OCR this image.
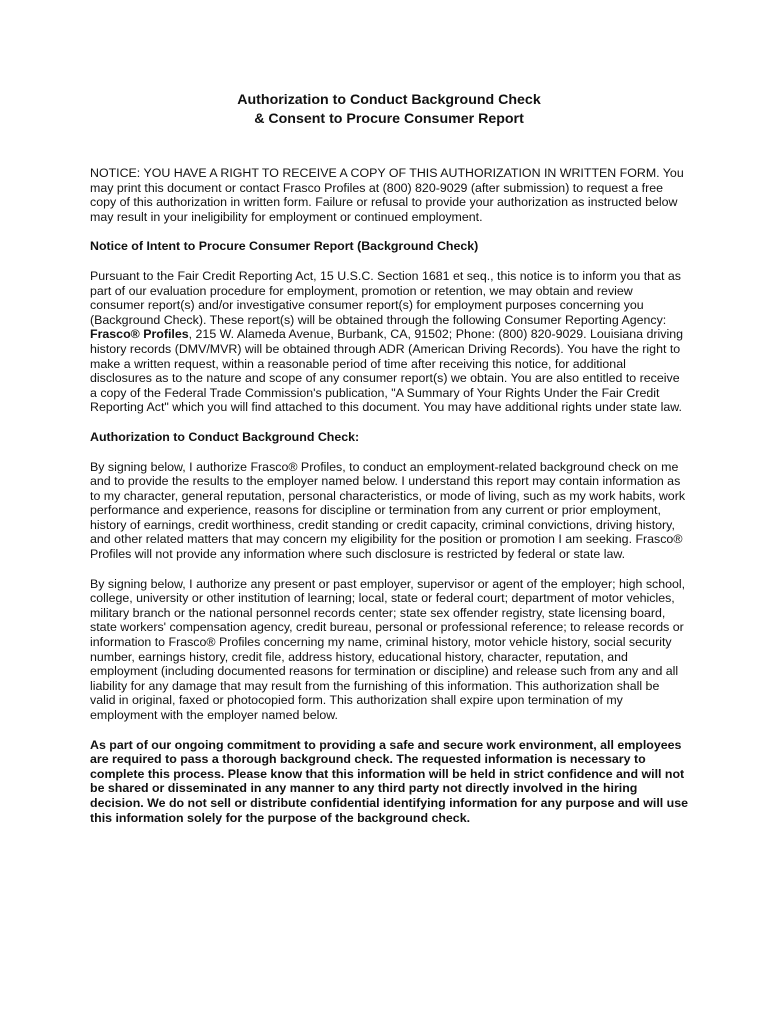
Authorization to Conduct Background Check
& Consent to Procure Consumer Report

NOTICE: YOU HAVE A RIGHT TO RECEIVE A COPY OF THIS AUTHORIZATION IN WRITTEN FORM. You may print this document or contact Frasco Profiles at (800) 820-9029 (after submission) to request a free copy of this authorization in written form. Failure or refusal to provide your authorization as instructed below may result in your ineligibility for employment or continued employment.

Notice of Intent to Procure Consumer Report (Background Check)

Pursuant to the Fair Credit Reporting Act, 15 U.S.C. Section 1681 et seq., this notice is to inform you that as part of our evaluation procedure for employment, promotion or retention, we may obtain and review consumer report(s) and/or investigative consumer report(s) for employment purposes concerning you (Background Check). These report(s) will be obtained through the following Consumer Reporting Agency: Frasco® Profiles, 215 W. Alameda Avenue, Burbank, CA, 91502; Phone: (800) 820-9029. Louisiana driving history records (DMV/MVR) will be obtained through ADR (American Driving Records). You have the right to make a written request, within a reasonable period of time after receiving this notice, for additional disclosures as to the nature and scope of any consumer report(s) we obtain. You are also entitled to receive a copy of the Federal Trade Commission's publication, "A Summary of Your Rights Under the Fair Credit Reporting Act" which you will find attached to this document. You may have additional rights under state law.

Authorization to Conduct Background Check:

By signing below, I authorize Frasco® Profiles, to conduct an employment-related background check on me and to provide the results to the employer named below. I understand this report may contain information as to my character, general reputation, personal characteristics, or mode of living, such as my work habits, work performance and experience, reasons for discipline or termination from any current or prior employment, history of earnings, credit worthiness, credit standing or credit capacity, criminal convictions, driving history, and other related matters that may concern my eligibility for the position or promotion I am seeking. Frasco® Profiles will not provide any information where such disclosure is restricted by federal or state law.

By signing below, I authorize any present or past employer, supervisor or agent of the employer; high school, college, university or other institution of learning; local, state or federal court; department of motor vehicles, military branch or the national personnel records center; state sex offender registry, state licensing board, state workers' compensation agency, credit bureau, personal or professional reference; to release records or information to Frasco® Profiles concerning my name, criminal history, motor vehicle history, social security number, earnings history, credit file, address history, educational history, character, reputation, and employment (including documented reasons for termination or discipline) and release such from any and all liability for any damage that may result from the furnishing of this information. This authorization shall be valid in original, faxed or photocopied form. This authorization shall expire upon termination of my employment with the employer named below.

As part of our ongoing commitment to providing a safe and secure work environment, all employees are required to pass a thorough background check. The requested information is necessary to complete this process. Please know that this information will be held in strict confidence and will not be shared or disseminated in any manner to any third party not directly involved in the hiring decision. We do not sell or distribute confidential identifying information for any purpose and will use this information solely for the purpose of the background check.
